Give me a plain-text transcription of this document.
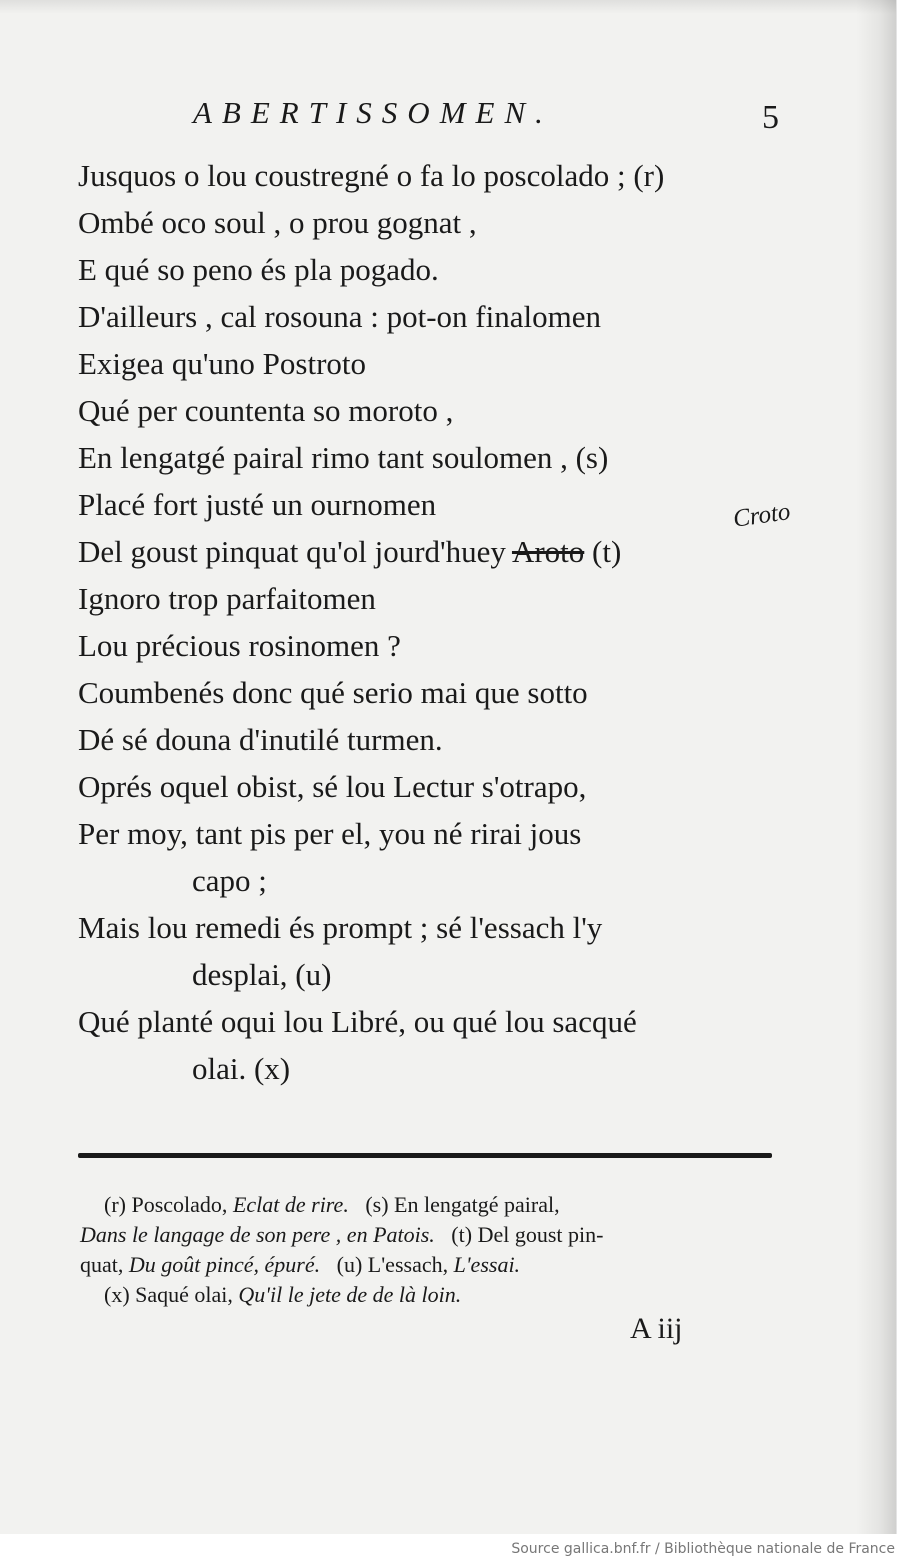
ABERTISSOMEN.	5
Jusquos o lou coustregné o fa lo poscolado ; (r)
Ombé oco soul , o prou gognat ,
E qué so peno és pla pogado.
D'ailleurs , cal rosouna : pot-on finalomen
Exigea qu'uno Postroto
Qué per countenta so moroto ,
En lengatgé pairal rimo tant soulomen , (s)
Placé fort justé un ournomen
Del goust pinquat qu'ol jourd'huey Aroto (t)
Croto
Ignoro trop parfaitomen
Lou précious rosinomen ?
Coumbenés donc qué serio mai que sotto
Dé sé douna d'inutilé turmen.
Oprés oquel obist, sé lou Lectur s'otrapo,
Per moy, tant pis per el, you né rirai jous
capo ;
Mais lou remedi és prompt ; sé l'essach l'y
desplai, (u)
Qué planté oqui lou Libré, ou qué lou sacqué
olai. (x)
(r) Poscolado, Eclat de rire. (s) En lengatgé pairal,
Dans le langage de son pere , en Patois. (t) Del goust pin-
quat, Du goût pincé, épuré. (u) L'essach, L'essai.
(x) Saqué olai, Qu'il le jete de de là loin.
A iij
Source gallica.bnf.fr / Bibliothèque nationale de France
